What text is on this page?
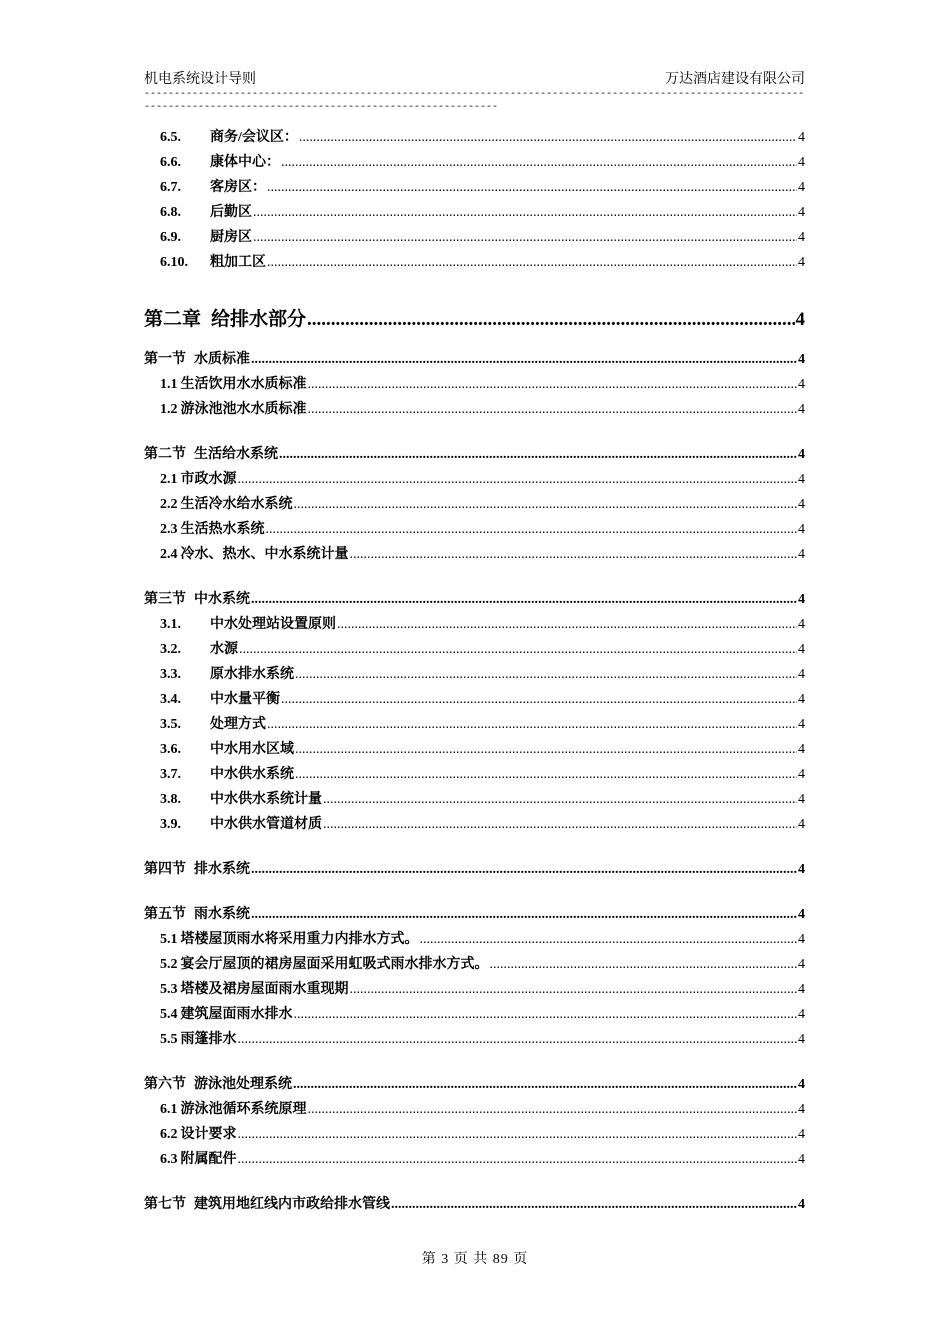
机电系统设计导则	万达酒店建设有限公司
-------------------------------------------------------------------------------------------------------------------------------------------------------------------------
6.5.	商务/会议区： .....	4
6.6.	康体中心： .....	4
6.7.	客房区： .....	4
6.8.	后勤区 .....	4
6.9.	厨房区 .....	4
6.10.	粗加工区 .....	4
第二章 给排水部分 .....	4
第一节 水质标准 .....	4
1.1 生活饮用水水质标准 .....	4
1.2 游泳池池水水质标准 .....	4
第二节 生活给水系统 .....	4
2.1 市政水源 .....	4
2.2 生活冷水给水系统 .....	4
2.3 生活热水系统 .....	4
2.4 冷水、热水、中水系统计量 .....	4
第三节 中水系统 .....	4
3.1.	中水处理站设置原则 .....	4
3.2.	水源 .....	4
3.3.	原水排水系统 .....	4
3.4.	中水量平衡 .....	4
3.5.	处理方式 .....	4
3.6.	中水用水区域 .....	4
3.7.	中水供水系统 .....	4
3.8.	中水供水系统计量 .....	4
3.9.	中水供水管道材质 .....	4
第四节 排水系统 .....	4
第五节 雨水系统 .....	4
5.1 塔楼屋顶雨水将采用重力内排水方式。 .....	4
5.2 宴会厅屋顶的裙房屋面采用虹吸式雨水排水方式。 .....	4
5.3 塔楼及裙房屋面雨水重现期 .....	4
5.4 建筑屋面雨水排水 .....	4
5.5 雨篷排水 .....	4
第六节 游泳池处理系统 .....	4
6.1 游泳池循环系统原理 .....	4
6.2 设计要求 .....	4
6.3 附属配件 .....	4
第七节 建筑用地红线内市政给排水管线 .....	4
第 3 页 共 89 页
